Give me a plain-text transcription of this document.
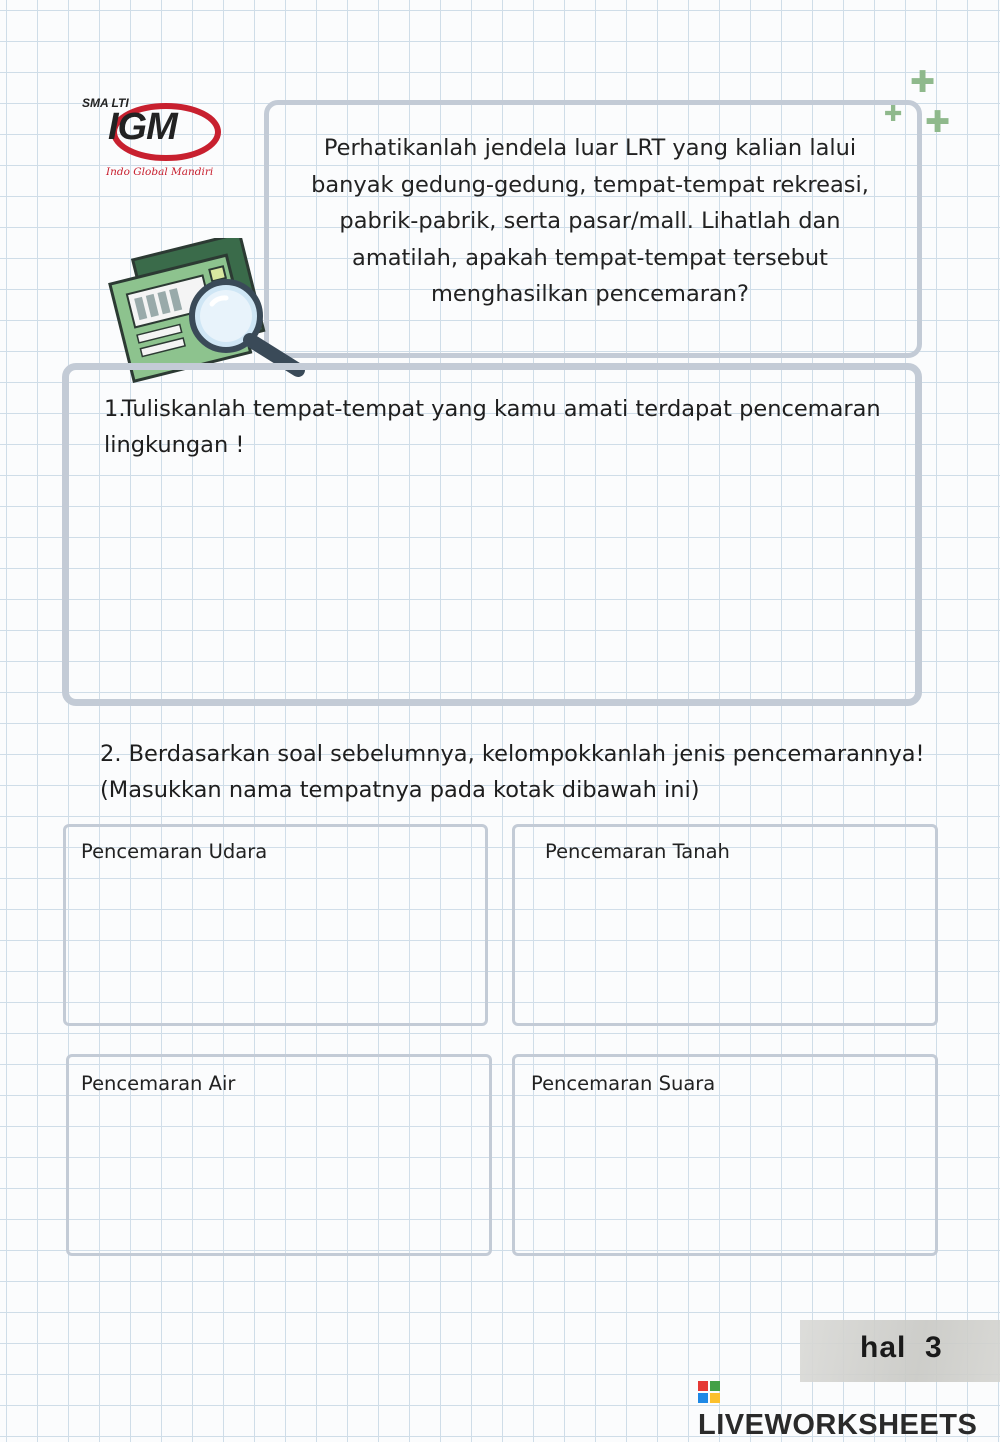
SMA LTI
IGM
Indo Global Mandiri
✚
✚ ✚
Perhatikanlah jendela luar LRT yang kalian lalui banyak gedung-gedung, tempat-tempat rekreasi, pabrik-pabrik, serta pasar/mall. Lihatlah dan amatilah, apakah tempat-tempat tersebut menghasilkan pencemaran?
1.Tuliskanlah tempat-tempat yang kamu amati terdapat pencemaran lingkungan !
2. Berdasarkan soal sebelumnya, kelompokkanlah jenis pencemarannya!
(Masukkan nama tempatnya pada kotak dibawah ini)
Pencemaran Udara	Pencemaran Tanah
Pencemaran Air	Pencemaran Suara
hal  3
LIVEWORKSHEETS
